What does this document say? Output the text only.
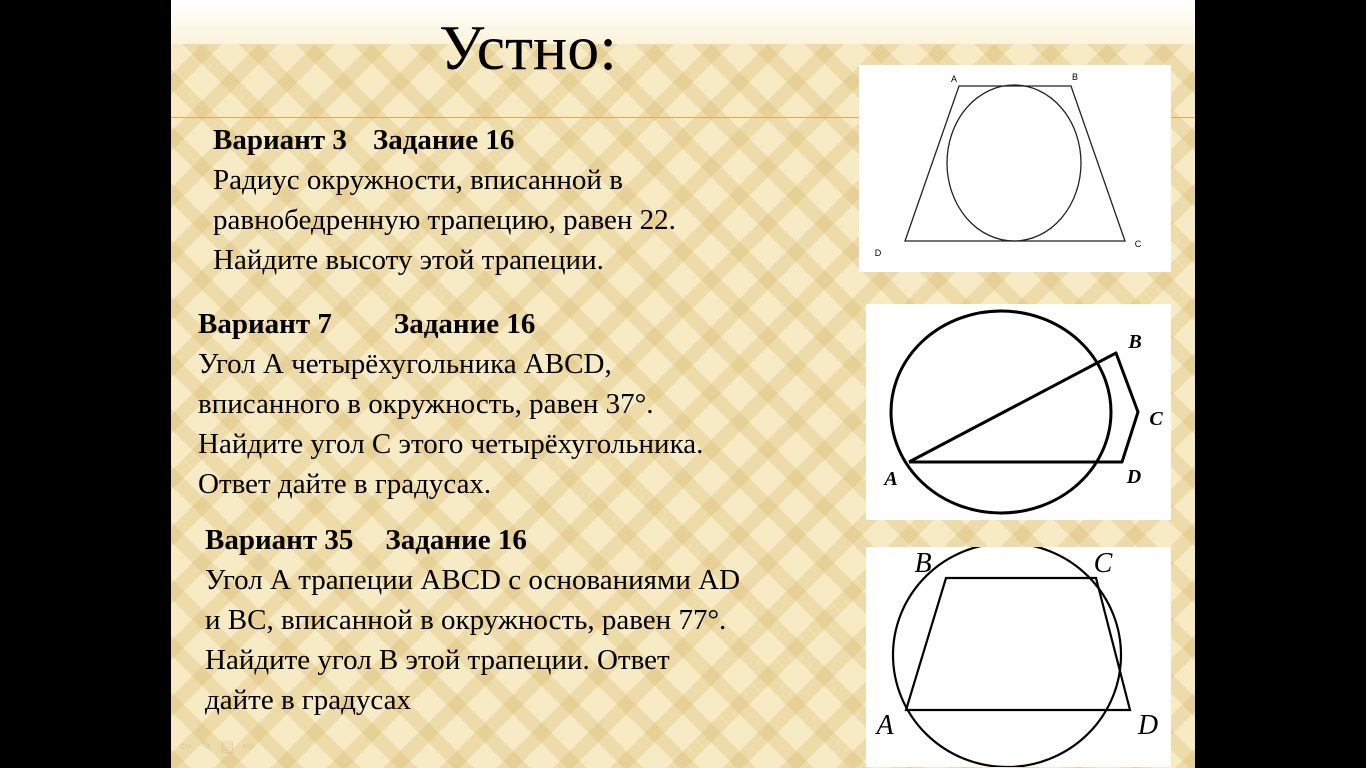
Устно:
Вариант 3 Задание 16
Радиус окружности, вписанной в
равнобедренную трапецию, равен 22.
Найдите высоту этой трапеции.
Вариант 7 Задание 16
Угол А четырёхугольника ABCD,
вписанного в окружность, равен 37°.
Найдите угол С этого четырёхугольника.
Ответ дайте в градусах.
Вариант 35 Задание 16
Угол А трапеции ABCD с основаниями AD
и BC, вписанной в окружность, равен 77°.
Найдите угол В этой трапеции. Ответ
дайте в градусах
A	B
C
D
A
B
C
D
B	C
A	D
⇦ ✎ ▤ ⇨
